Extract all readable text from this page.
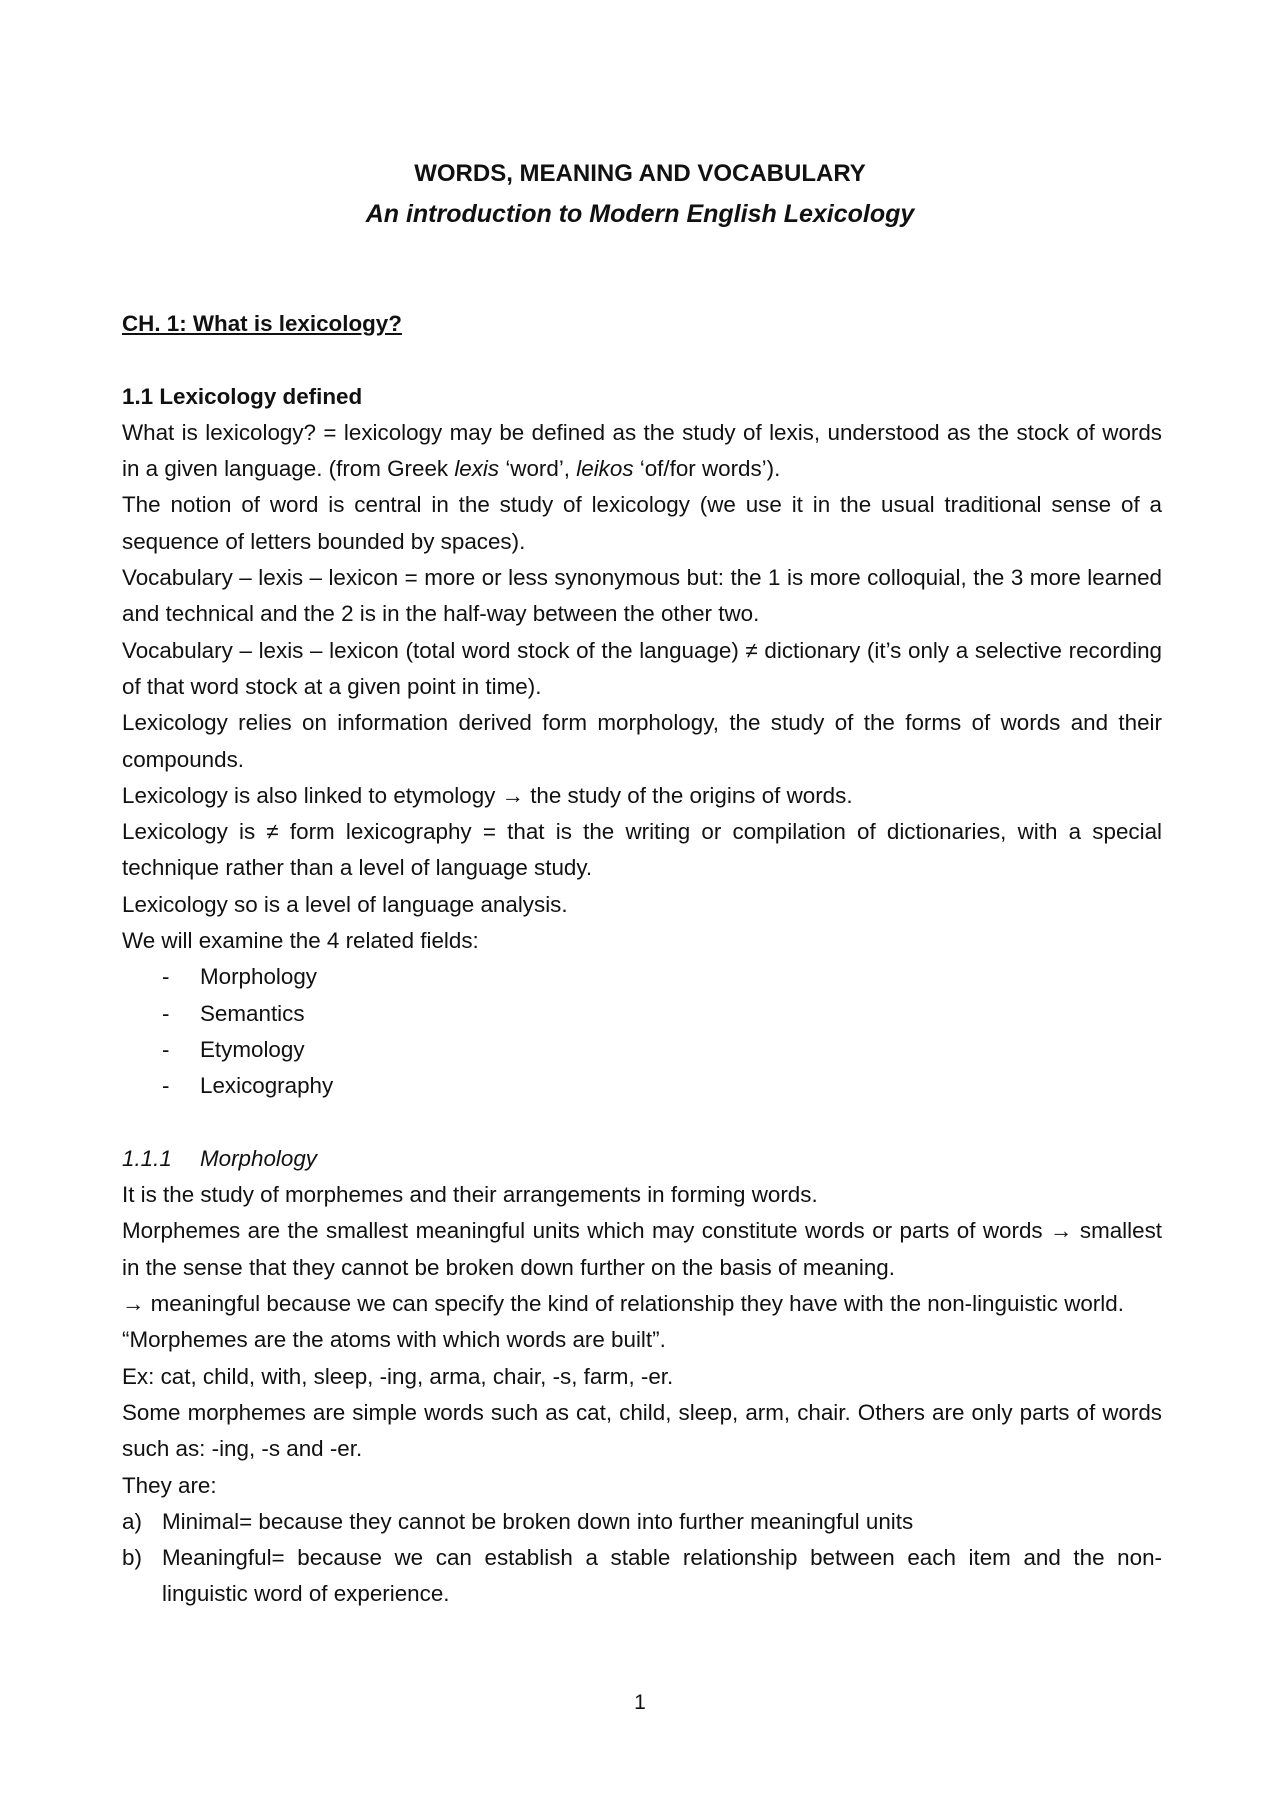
WORDS, MEANING AND VOCABULARY
An introduction to Modern English Lexicology

CH. 1: What is lexicology?

1.1 Lexicology defined

What is lexicology? = lexicology may be defined as the study of lexis, understood as the stock of words in a given language. (from Greek lexis ‘word’, leikos ‘of/for words’).

The notion of word is central in the study of lexicology (we use it in the usual traditional sense of a sequence of letters bounded by spaces).

Vocabulary – lexis – lexicon = more or less synonymous but: the 1 is more colloquial, the 3 more learned and technical and the 2 is in the half-way between the other two.

Vocabulary – lexis – lexicon (total word stock of the language) ≠ dictionary (it’s only a selective recording of that word stock at a given point in time).

Lexicology relies on information derived form morphology, the study of the forms of words and their compounds.

Lexicology is also linked to etymology → the study of the origins of words.

Lexicology is ≠ form lexicography = that is the writing or compilation of dictionaries, with a special technique rather than a level of language study.

Lexicology so is a level of language analysis.

We will examine the 4 related fields:

- Morphology
- Semantics
- Etymology
- Lexicography

1.1.1 Morphology

It is the study of morphemes and their arrangements in forming words.

Morphemes are the smallest meaningful units which may constitute words or parts of words → smallest in the sense that they cannot be broken down further on the basis of meaning.

→ meaningful because we can specify the kind of relationship they have with the non-linguistic world.

“Morphemes are the atoms with which words are built”.

Ex: cat, child, with, sleep, -ing, arma, chair, -s, farm, -er.

Some morphemes are simple words such as cat, child, sleep, arm, chair. Others are only parts of words such as: -ing, -s and -er.

They are:

a) Minimal= because they cannot be broken down into further meaningful units
b) Meaningful= because we can establish a stable relationship between each item and the non-linguistic word of experience.
1
